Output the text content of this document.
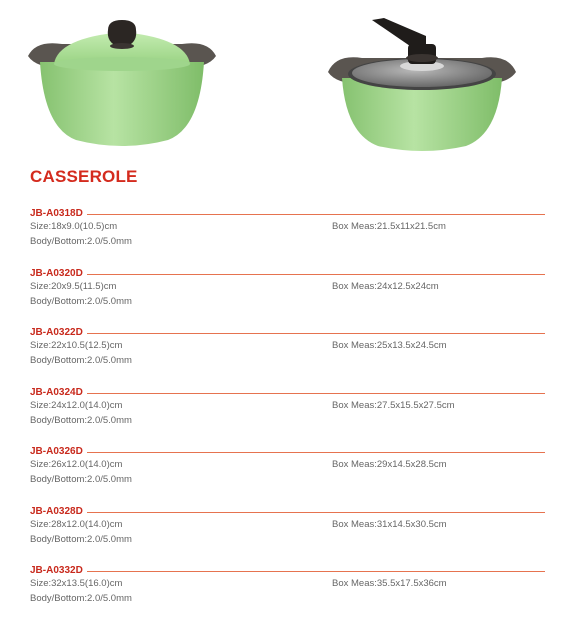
CASSEROLE
JB-A0318D
Size:18x9.0(10.5)cm	Box Meas:21.5x11x21.5cm
Body/Bottom:2.0/5.0mm
JB-A0320D
Size:20x9.5(11.5)cm	Box Meas:24x12.5x24cm
Body/Bottom:2.0/5.0mm
JB-A0322D
Size:22x10.5(12.5)cm	Box Meas:25x13.5x24.5cm
Body/Bottom:2.0/5.0mm
JB-A0324D
Size:24x12.0(14.0)cm	Box Meas:27.5x15.5x27.5cm
Body/Bottom:2.0/5.0mm
JB-A0326D
Size:26x12.0(14.0)cm	Box Meas:29x14.5x28.5cm
Body/Bottom:2.0/5.0mm
JB-A0328D
Size:28x12.0(14.0)cm	Box Meas:31x14.5x30.5cm
Body/Bottom:2.0/5.0mm
JB-A0332D
Size:32x13.5(16.0)cm	Box Meas:35.5x17.5x36cm
Body/Bottom:2.0/5.0mm
